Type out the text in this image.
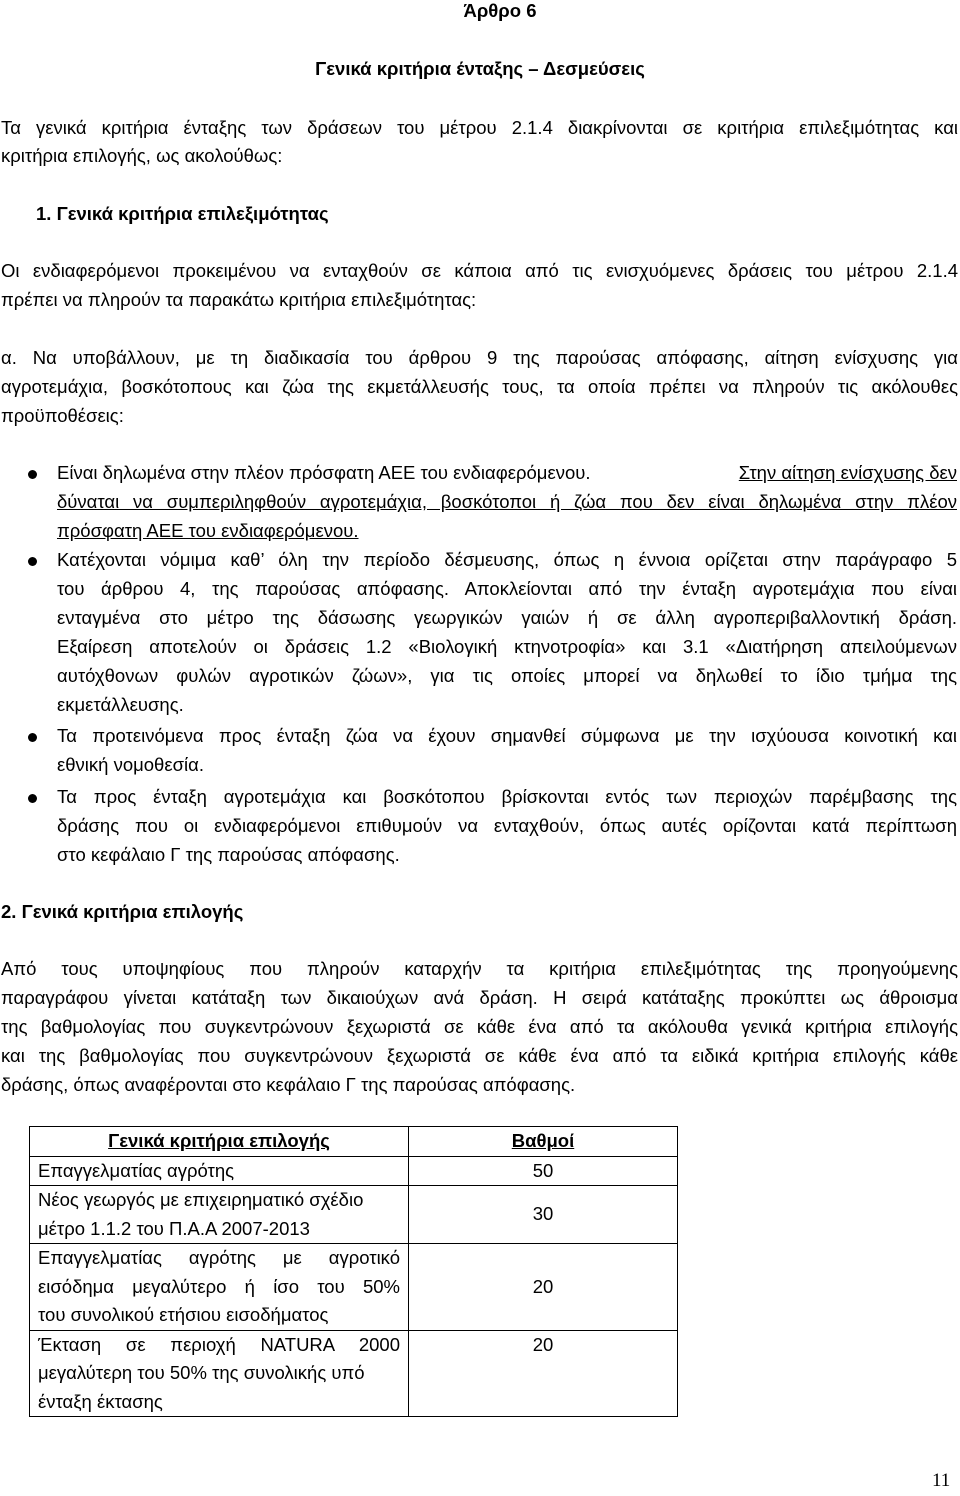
Άρθρο 6
Γενικά κριτήρια ένταξης – Δεσμεύσεις
Τα γενικά κριτήρια ένταξης των δράσεων του μέτρου 2.1.4 διακρίνονται σε κριτήρια επιλεξιμότητας και
κριτήρια επιλογής, ως ακολούθως:
1. Γενικά κριτήρια επιλεξιμότητας
Οι ενδιαφερόμενοι προκειμένου να ενταχθούν σε κάποια από τις ενισχυόμενες δράσεις του μέτρου 2.1.4
πρέπει να πληρούν τα παρακάτω κριτήρια επιλεξιμότητας:
α. Να υποβάλλουν, με τη διαδικασία του άρθρου 9 της παρούσας απόφασης, αίτηση ενίσχυσης για
αγροτεμάχια, βοσκότοπους και ζώα της εκμετάλλευσής τους, τα οποία πρέπει να πληρούν τις ακόλουθες
προϋποθέσεις:
Είναι δηλωμένα στην πλέον πρόσφατη ΑΕΕ του ενδιαφερόμενου.	Στην αίτηση ενίσχυσης δεν
δύναται να συμπεριληφθούν αγροτεμάχια, βοσκότοποι ή ζώα που δεν είναι δηλωμένα στην πλέον
πρόσφατη ΑΕΕ του ενδιαφερόμενου.
Κατέχονται νόμιμα καθ’ όλη την περίοδο δέσμευσης, όπως η έννοια ορίζεται στην παράγραφο 5
του άρθρου 4, της παρούσας απόφασης. Αποκλείονται από την ένταξη αγροτεμάχια που είναι
ενταγμένα στο μέτρο της δάσωσης γεωργικών γαιών ή σε άλλη αγροπεριβαλλοντική δράση.
Εξαίρεση αποτελούν οι δράσεις 1.2 «Βιολογική κτηνοτροφία» και 3.1 «Διατήρηση απειλούμενων
αυτόχθονων φυλών αγροτικών ζώων», για τις οποίες μπορεί να δηλωθεί το ίδιο τμήμα της
εκμετάλλευσης.
Τα προτεινόμενα προς ένταξη ζώα να έχουν σημανθεί σύμφωνα με την ισχύουσα κοινοτική και
εθνική νομοθεσία.
Τα προς ένταξη αγροτεμάχια και βοσκότοπου βρίσκονται εντός των περιοχών παρέμβασης της
δράσης που οι ενδιαφερόμενοι επιθυμούν να ενταχθούν, όπως αυτές ορίζονται κατά περίπτωση
στο κεφάλαιο Γ της παρούσας απόφασης.
2. Γενικά κριτήρια επιλογής
Από τους υποψηφίους που πληρούν καταρχήν τα κριτήρια επιλεξιμότητας της προηγούμενης
παραγράφου γίνεται κατάταξη των δικαιούχων ανά δράση. Η σειρά κατάταξης προκύπτει ως άθροισμα
της βαθμολογίας που συγκεντρώνουν ξεχωριστά σε κάθε ένα από τα ακόλουθα γενικά κριτήρια επιλογής
και της βαθμολογίας που συγκεντρώνουν ξεχωριστά σε κάθε ένα από τα ειδικά κριτήρια επιλογής κάθε
δράσης, όπως αναφέρονται στο κεφάλαιο Γ της παρούσας απόφασης.
Γενικά κριτήρια επιλογής	Βαθμοί

Επαγγελματίας αγρότης	50

Νέος γεωργός με επιχειρηματικό σχέδιο
μέτρο 1.1.2 του Π.Α.Α 2007-2013	30

Επαγγελματίας αγρότης με αγροτικό
εισόδημα μεγαλύτερο ή ίσο του 50%
του συνολικού ετήσιου εισοδήματος	20

Έκταση σε περιοχή NATURA 2000
μεγαλύτερη του 50% της συνολικής υπό
ένταξη έκτασης	20
11
